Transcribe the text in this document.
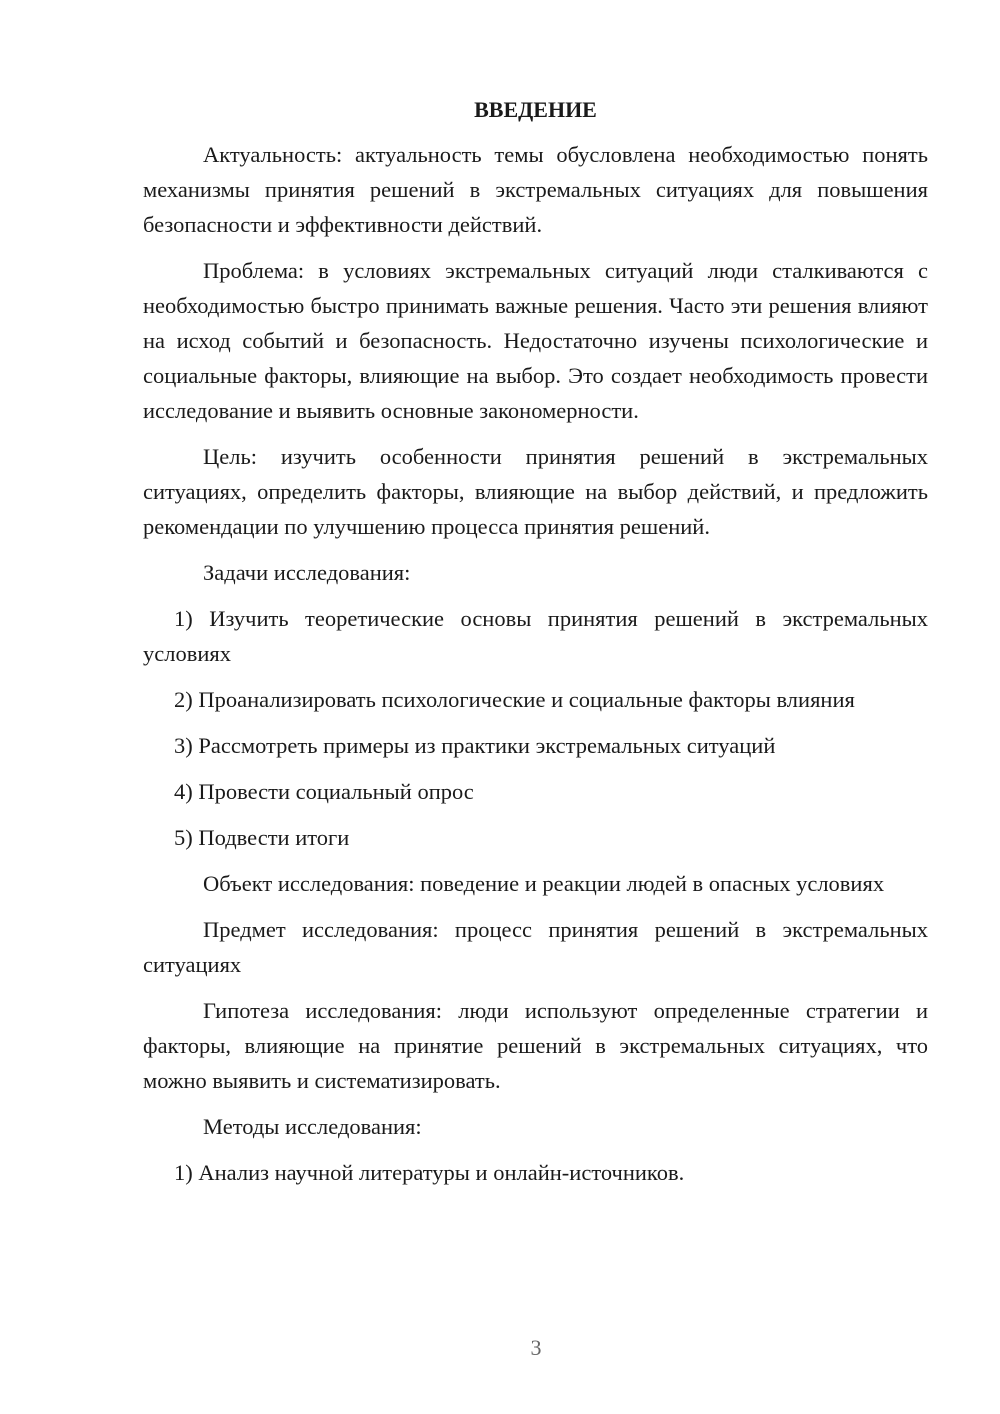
ВВЕДЕНИЕ

Актуальность: актуальность темы обусловлена необходимостью понять механизмы принятия решений в экстремальных ситуациях для повышения безопасности и эффективности действий.

Проблема: в условиях экстремальных ситуаций люди сталкиваются с необходимостью быстро принимать важные решения. Часто эти решения влияют на исход событий и безопасность. Недостаточно изучены психологические и социальные факторы, влияющие на выбор. Это создает необходимость провести исследование и выявить основные закономерности.

Цель: изучить особенности принятия решений в экстремальных ситуациях, определить факторы, влияющие на выбор действий, и предложить рекомендации по улучшению процесса принятия решений.

Задачи исследования:

1) Изучить теоретические основы принятия решений в экстремальных условиях

2) Проанализировать психологические и социальные факторы влияния

3) Рассмотреть примеры из практики экстремальных ситуаций

4) Провести социальный опрос

5) Подвести итоги

Объект исследования: поведение и реакции людей в опасных условиях

Предмет исследования: процесс принятия решений в экстремальных ситуациях

Гипотеза исследования: люди используют определенные стратегии и факторы, влияющие на принятие решений в экстремальных ситуациях, что можно выявить и систематизировать.

Методы исследования:

1) Анализ научной литературы и онлайн-источников.

3
